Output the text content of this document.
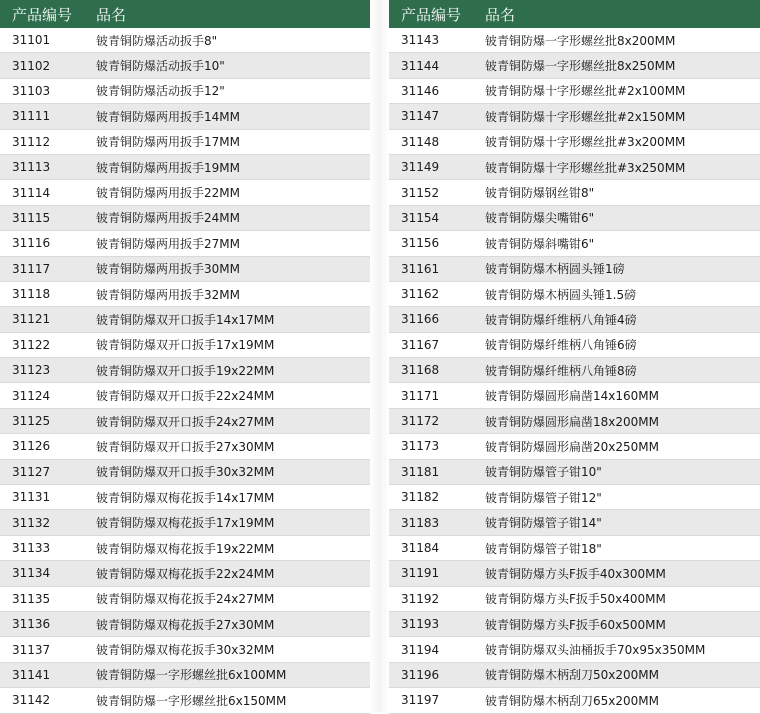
产品编号	品名
31101	铍青铜防爆活动扳手8"
31102	铍青铜防爆活动扳手10"
31103	铍青铜防爆活动扳手12"
31111	铍青铜防爆两用扳手14MM
31112	铍青铜防爆两用扳手17MM
31113	铍青铜防爆两用扳手19MM
31114	铍青铜防爆两用扳手22MM
31115	铍青铜防爆两用扳手24MM
31116	铍青铜防爆两用扳手27MM
31117	铍青铜防爆两用扳手30MM
31118	铍青铜防爆两用扳手32MM
31121	铍青铜防爆双开口扳手14x17MM
31122	铍青铜防爆双开口扳手17x19MM
31123	铍青铜防爆双开口扳手19x22MM
31124	铍青铜防爆双开口扳手22x24MM
31125	铍青铜防爆双开口扳手24x27MM
31126	铍青铜防爆双开口扳手27x30MM
31127	铍青铜防爆双开口扳手30x32MM
31131	铍青铜防爆双梅花扳手14x17MM
31132	铍青铜防爆双梅花扳手17x19MM
31133	铍青铜防爆双梅花扳手19x22MM
31134	铍青铜防爆双梅花扳手22x24MM
31135	铍青铜防爆双梅花扳手24x27MM
31136	铍青铜防爆双梅花扳手27x30MM
31137	铍青铜防爆双梅花扳手30x32MM
31141	铍青铜防爆一字形螺丝批6x100MM
31142	铍青铜防爆一字形螺丝批6x150MM
产品编号	品名
31143	铍青铜防爆一字形螺丝批8x200MM
31144	铍青铜防爆一字形螺丝批8x250MM
31146	铍青铜防爆十字形螺丝批#2x100MM
31147	铍青铜防爆十字形螺丝批#2x150MM
31148	铍青铜防爆十字形螺丝批#3x200MM
31149	铍青铜防爆十字形螺丝批#3x250MM
31152	铍青铜防爆钢丝钳8"
31154	铍青铜防爆尖嘴钳6"
31156	铍青铜防爆斜嘴钳6"
31161	铍青铜防爆木柄圆头锤1磅
31162	铍青铜防爆木柄圆头锤1.5磅
31166	铍青铜防爆纤维柄八角锤4磅
31167	铍青铜防爆纤维柄八角锤6磅
31168	铍青铜防爆纤维柄八角锤8磅
31171	铍青铜防爆圆形扁凿14x160MM
31172	铍青铜防爆圆形扁凿18x200MM
31173	铍青铜防爆圆形扁凿20x250MM
31181	铍青铜防爆管子钳10"
31182	铍青铜防爆管子钳12"
31183	铍青铜防爆管子钳14"
31184	铍青铜防爆管子钳18"
31191	铍青铜防爆方头F扳手40x300MM
31192	铍青铜防爆方头F扳手50x400MM
31193	铍青铜防爆方头F扳手60x500MM
31194	铍青铜防爆双头油桶扳手70x95x350MM
31196	铍青铜防爆木柄刮刀50x200MM
31197	铍青铜防爆木柄刮刀65x200MM
